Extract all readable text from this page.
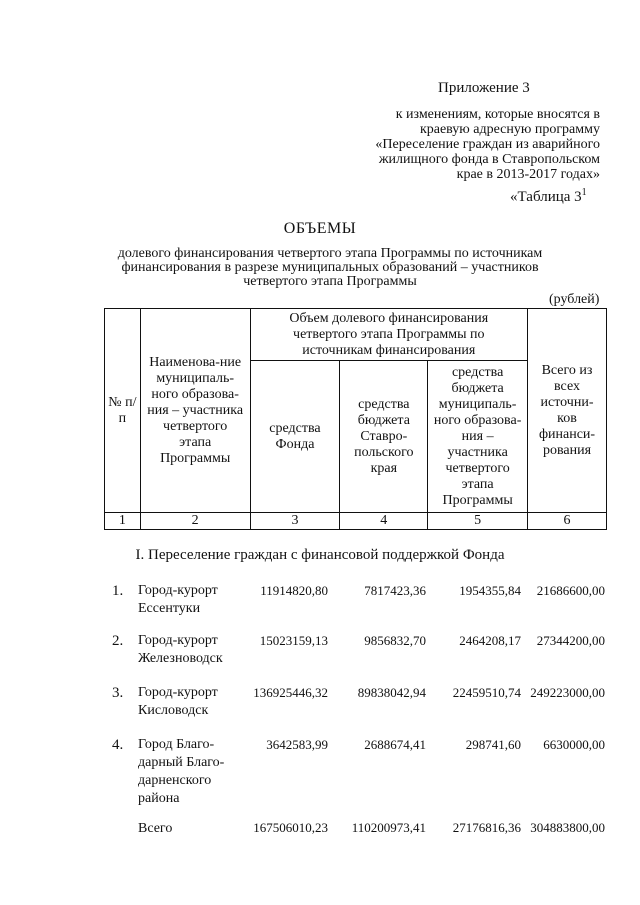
Приложение 3
к изменениям, которые вносятся в
краевую адресную программу
«Переселение граждан из аварийного
жилищного фонда в Ставропольском
крае в 2013-2017 годах»
«Таблица $3^1$
ОБЪЕМЫ
долевого финансирования четвертого этапа Программы по источникам
финансирования в разрезе муниципальных образований – участников
четвертого этапа Программы
(рублей)
№ п/п	Наименова-ние муниципаль-ного образова-ния – участника четвертого этапа Программы	Объем долевого финансирования четвертого этапа Программы по источникам финансирования			Всего из всех источни-ков финанси-рования
		средства Фонда	средства бюджета Ставро-польского края	средства бюджета муниципаль-ного образова-ния – участника четвертого этапа Программы	
1	2	3	4	5	6
I. Переселение граждан с финансовой поддержкой Фонда
1. Город-курорт Ессентуки
11914820,80	7817423,36	1954355,84	21686600,00
2. Город-курорт Железноводск
15023159,13	9856832,70	2464208,17	27344200,00
3. Город-курорт Кисловодск
136925446,32	89838042,94	22459510,74 249223000,00
4. Город Благо-дарный Благо-дарненского района
3642583,99	2688674,41	298741,60	6630000,00
Всего	167506010,23	110200973,41	27176816,36 304883800,00
